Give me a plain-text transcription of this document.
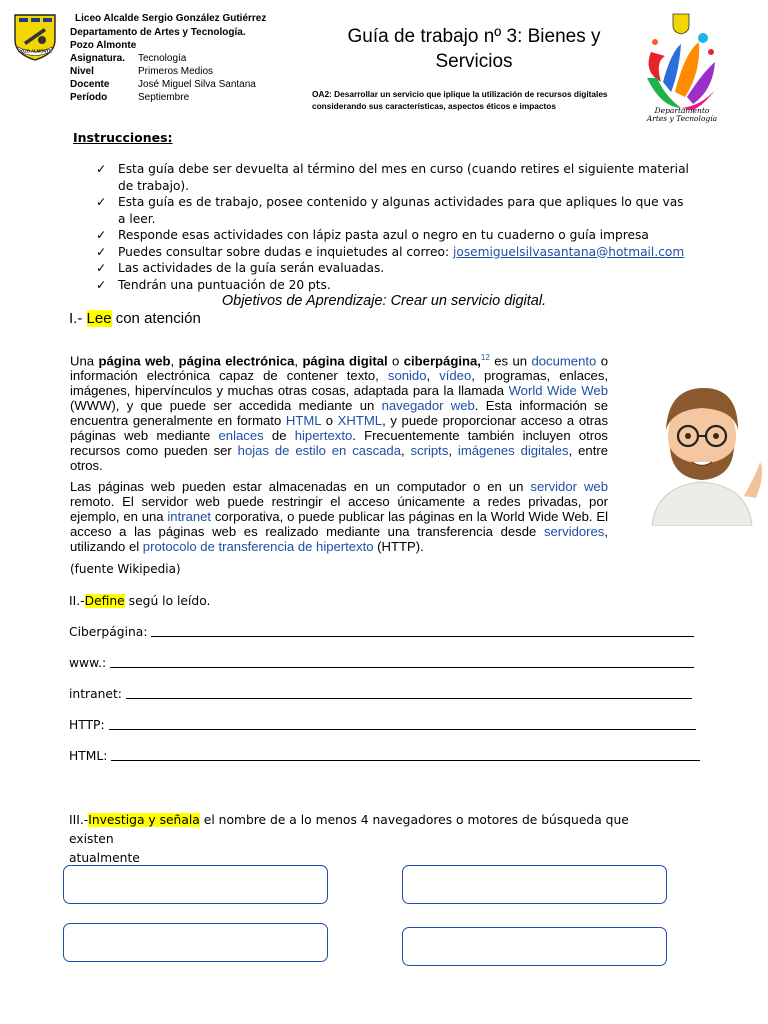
POZO ALMONTE
Liceo Alcalde Sergio González Gutiérrez
Departamento de Artes y Tecnología.
Pozo Almonte
Asignatura.	Tecnología
Nivel	Primeros Medios
Docente	José Miguel Silva Santana
Período	Septiembre
Guía de trabajo nº 3: Bienes y
Servicios
OA2: Desarrollar un servicio que iplique la utilización de recursos digitales
considerando sus características, aspectos éticos e impactos	Departamento
Artes y Tecnología
Instrucciones:
✓ Esta guía debe ser devuelta al término del mes en curso (cuando retires el siguiente material de trabajo).
✓ Esta guía es de trabajo, posee contenido y algunas actividades para que apliques lo que vas a leer.
✓ Responde esas actividades con lápiz pasta azul o negro en tu cuaderno o guía impresa
✓ Puedes consultar sobre dudas e inquietudes al correo: josemiguelsilvasantana@hotmail.com
✓ Las actividades de la guía serán evaluadas.
✓ Tendrán una puntuación de 20 pts.
Objetivos de Aprendizaje: Crear un servicio digital.
I.- Lee con atención
Una página web, página electrónica, página digital o ciberpágina,$^{1​2}$ es un documento o información electrónica capaz de contener texto, sonido, vídeo, programas, enlaces, imágenes, hipervínculos y muchas otras cosas, adaptada para la llamada World Wide Web (WWW), y que puede ser accedida mediante un navegador web. Esta información se encuentra generalmente en formato HTML o XHTML, y puede proporcionar acceso a otras páginas web mediante enlaces de hipertexto. Frecuentemente también incluyen otros recursos como pueden ser hojas de estilo en cascada, scripts, imágenes digitales, entre otros.
Las páginas web pueden estar almacenadas en un computador o en un servidor web remoto. El servidor web puede restringir el acceso únicamente a redes privadas, por ejemplo, en una intranet corporativa, o puede publicar las páginas en la World Wide Web. El acceso a las páginas web es realizado mediante una transferencia desde servidores, utilizando el protocolo de transferencia de hipertexto (HTTP).
(fuente Wikipedia)
II.-Define segú lo leído.
Ciberpágina:
www.:
intranet:
HTTP:
HTML:
III.-Investiga y señala el nombre de a lo menos 4 navegadores o motores de búsqueda que existen
atualmente
